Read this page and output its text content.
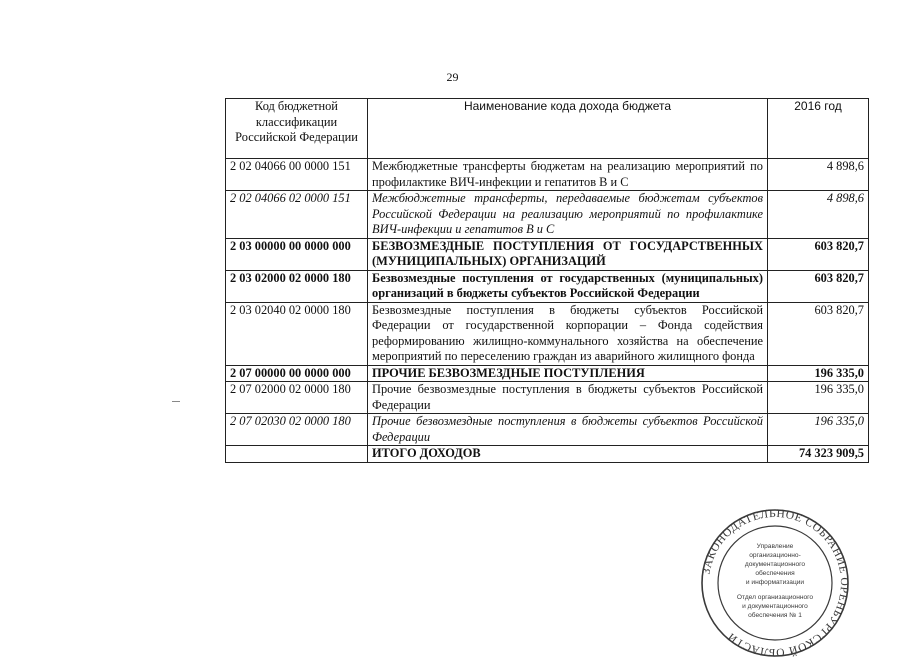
29
Код бюджетной классификации Российской Федерации	Наименование кода дохода бюджета	2016 год
2 02 04066 00 0000 151	Межбюджетные трансферты бюджетам на реализацию мероприятий по профилактике ВИЧ-инфекции и гепатитов В и С	4 898,6
2 02 04066 02 0000 151	Межбюджетные трансферты, передаваемые бюджетам субъектов Российской Федерации на реализацию мероприятий по профилактике ВИЧ-инфекции и гепатитов В и С	4 898,6
2 03 00000 00 0000 000	БЕЗВОЗМЕЗДНЫЕ ПОСТУПЛЕНИЯ ОТ ГОСУДАРСТВЕННЫХ (МУНИЦИПАЛЬНЫХ) ОРГАНИЗАЦИЙ	603 820,7
2 03 02000 02 0000 180	Безвозмездные поступления от государственных (муниципальных) организаций в бюджеты субъектов Российской Федерации	603 820,7
2 03 02040 02 0000 180	Безвозмездные поступления в бюджеты субъектов Российской Федерации от государственной корпорации – Фонда содействия реформированию жилищно-коммунального хозяйства на обеспечение мероприятий по переселению граждан из аварийного жилищного фонда	603 820,7
2 07 00000 00 0000 000	ПРОЧИЕ БЕЗВОЗМЕЗДНЫЕ ПОСТУПЛЕНИЯ	196 335,0
2 07 02000 02 0000 180	Прочие безвозмездные поступления в бюджеты субъектов Российской Федерации	196 335,0
2 07 02030 02 0000 180	Прочие безвозмездные поступления в бюджеты субъектов Российской Федерации	196 335,0
	ИТОГО ДОХОДОВ	74 323 909,5
ЗАКОНОДАТЕЛЬНОЕ СОБРАНИЕ ОРЕНБУРГСКОЙ ОБЛАСТИ
Управление
организационно-
документационного
обеспечения
и информатизации
Отдел организационного
и документационного
обеспечения № 1
